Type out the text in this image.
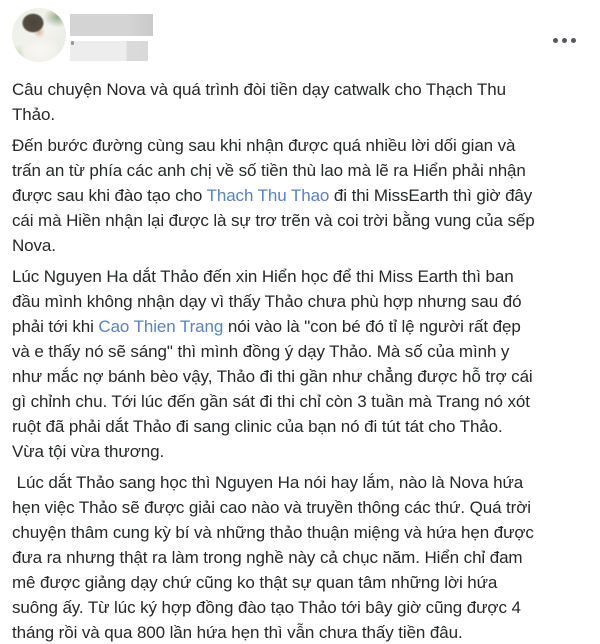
Câu chuyện Nova và quá trình đòi tiền dạy catwalk cho Thạch Thu
Thảo.
Đến bước đường cùng sau khi nhận được quá nhiều lời dối gian và
trấn an từ phía các anh chị về số tiền thù lao mà lẽ ra Hiển phải nhận
được sau khi đào tạo cho Thach Thu Thao đi thi MissEarth thì giờ đây
cái mà Hiền nhận lại được là sự trơ trẽn và coi trời bằng vung của sếp
Nova.
Lúc Nguyen Ha dắt Thảo đến xin Hiển học để thi Miss Earth thì ban
đầu mình không nhận dạy vì thấy Thảo chưa phù hợp nhưng sau đó
phải tới khi Cao Thien Trang nói vào là "con bé đó tỉ lệ người rất đẹp
và e thấy nó sẽ sáng" thì mình đồng ý dạy Thảo. Mà số của mình y
như mắc nợ bánh bèo vậy, Thảo đi thi gần như chẳng được hỗ trợ cái
gì chỉnh chu. Tới lúc đến gần sát đi thi chỉ còn 3 tuần mà Trang nó xót
ruột đã phải dắt Thảo đi sang clinic của bạn nó đi tút tát cho Thảo.
Vừa tội vừa thương.
Lúc dắt Thảo sang học thì Nguyen Ha nói hay lắm, nào là Nova hứa
hẹn việc Thảo sẽ được giải cao nào và truyền thông các thứ. Quá trời
chuyện thâm cung kỳ bí và những thảo thuận miệng và hứa hẹn được
đưa ra nhưng thật ra làm trong nghề này cả chục năm. Hiển chỉ đam
mê được giảng dạy chứ cũng ko thật sự quan tâm những lời hứa
suông ấy. Từ lúc ký hợp đồng đào tạo Thảo tới bây giờ cũng được 4
tháng rồi và qua 800 lần hứa hẹn thì vẫn chưa thấy tiền đâu.
